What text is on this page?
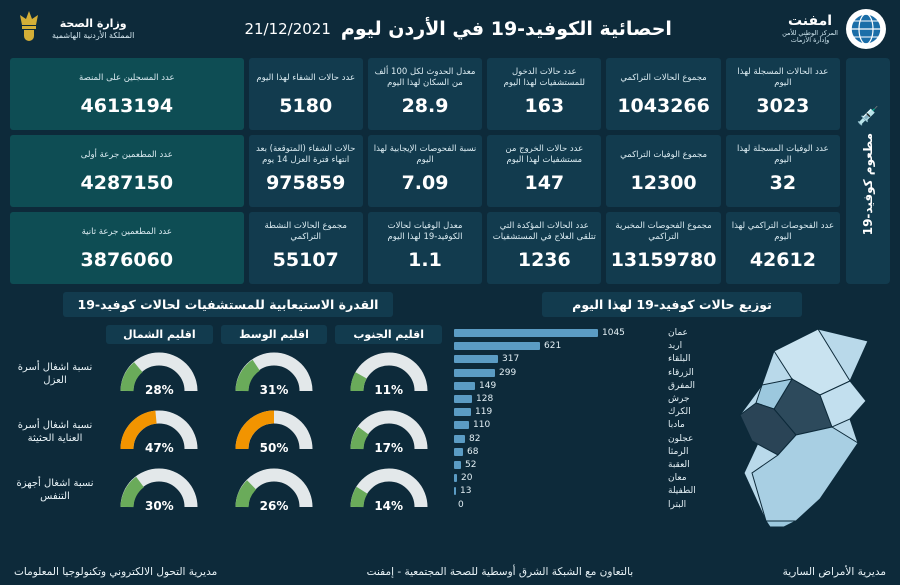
امفنت
المركز الوطني للأمن
وإدارة الأزمات
احصائية الكوفيد-19 في الأردن ليوم
21/12/2021
وزارة الصحة
المملكة الأردنية الهاشمية
💉
مطعوم كوفيد-19
عدد الحالات المسجلة لهذا اليوم
3023
مجموع الحالات التراكمي
1043266
عدد حالات الدخول للمستشفيات لهذا اليوم
163
معدل الحدوث لكل 100 ألف من السكان لهذا اليوم
28.9
عدد حالات الشفاء لهذا اليوم
5180
عدد المسجلين على المنصة
4613194
عدد الوفيات المسجلة لهذا اليوم
32
مجموع الوفيات التراكمي
12300
عدد حالات الخروج من مستشفيات لهذا اليوم
147
نسبة الفحوصات الإيجابية لهذا اليوم
7.09
حالات الشفاء (المتوقعة) بعد انتهاء فترة العزل 14 يوم
975859
عدد المطعمين جرعة أولى
4287150
عدد الفحوصات التراكمي لهذا اليوم
42612
مجموع الفحوصات المخبرية التراكمي
13159780
عدد الحالات المؤكدة التي تتلقى العلاج في المستشفيات
1236
معدل الوفيات لحالات الكوفيد-19 لهذا اليوم
1.1
مجموع الحالات النشطة التراكمي
55107
عدد المطعمين جرعة ثانية
3876060
توزيع حالات كوفيد-19 لهذا اليوم
القدرة الاستيعابية للمستشفيات لحالات كوفيد-19
عمان
1045
اربد
621
البلقاء
317
الزرقاء
299
المفرق
149
جرش
128
الكرك
119
مادبا
110
عجلون
82
الرمثا
68
العقبة
52
معان
20
الطفيلة
13
البترا
0
اقليم الجنوب
اقليم الوسط
اقليم الشمال
11%
31%
28%
نسبة اشغال أسرة العزل
17%
50%
47%
نسبة اشغال أسرة العناية الحثيثة
14%
26%
30%
نسبة اشغال أجهزة التنفس
مديرية الأمراض السارية
بالتعاون مع الشبكة الشرق أوسطية للصحة المجتمعية - إمفنت
مديرية التحول الالكتروني وتكنولوجيا المعلومات
